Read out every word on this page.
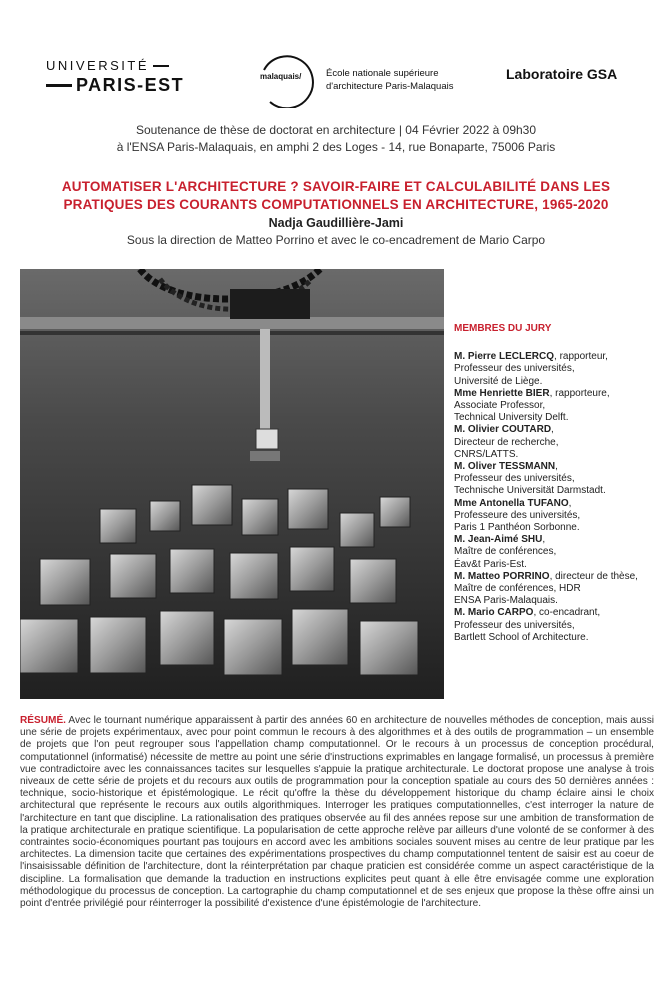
UNIVERSITÉ
PARIS-EST	malaquais/	École nationale supérieure
d'architecture Paris-Malaquais
Laboratoire GSA
Soutenance de thèse de doctorat en architecture | 04 Février 2022 à 09h30
à l'ENSA Paris-Malaquais, en amphi 2 des Loges - 14, rue Bonaparte, 75006 Paris
AUTOMATISER L'ARCHITECTURE ? SAVOIR-FAIRE ET CALCULABILITÉ DANS LES
PRATIQUES DES COURANTS COMPUTATIONNELS EN ARCHITECTURE, 1965-2020
Nadja Gaudillière-Jami
Sous la direction de Matteo Porrino et avec le co-encadrement de Mario Carpo
MEMBRES DU JURY
M. Pierre LECLERCQ, rapporteur,
Professeur des universités,
Université de Liège.
Mme Henriette BIER, rapporteure,
Associate Professor,
Technical University Delft.
M. Olivier COUTARD,
Directeur de recherche,
CNRS/LATTS.
M. Oliver TESSMANN,
Professeur des universités,
Technische Universität Darmstadt.
Mme Antonella TUFANO,
Professeure des universités,
Paris 1 Panthéon Sorbonne.
M. Jean-Aimé SHU,
Maître de conférences,
Éav&t Paris-Est.
M. Matteo PORRINO, directeur de thèse,
Maître de conférences, HDR
ENSA Paris-Malaquais.
M. Mario CARPO, co-encadrant,
Professeur des universités,
Bartlett School of Architecture.
RÉSUMÉ. Avec le tournant numérique apparaissent à partir des années 60 en architecture de nouvelles méthodes de conception, mais aussi une série de projets expérimentaux, avec pour point commun le recours à des algorithmes et à des outils de programmation – un ensemble de projets que l'on peut regrouper sous l'appellation champ computationnel. Or le recours à un processus de conception procédural, computationnel (informatisé) nécessite de mettre au point une série d'instructions exprimables en langage formalisé, un processus à première vue contradictoire avec les connaissances tacites sur lesquelles s'appuie la pratique architecturale. Le doctorat propose une analyse à trois niveaux de cette série de projets et du recours aux outils de programmation pour la conception spatiale au cours des 50 dernières années : technique, socio-historique et épistémologique. Le récit qu'offre la thèse du développement historique du champ éclaire ainsi le choix architectural que représente le recours aux outils algorithmiques. Interroger les pratiques computationnelles, c'est interroger la nature de l'architecture en tant que discipline. La rationalisation des pratiques observée au fil des années repose sur une ambition de transformation de la pratique architecturale en pratique scientifique. La popularisation de cette approche relève par ailleurs d'une volonté de se conformer à des contraintes socio-économiques pourtant pas toujours en accord avec les ambitions sociales souvent mises au centre de leur pratique par les architectes. La dimension tacite que certaines des expérimentations prospectives du champ computationnel tentent de saisir est au coeur de l'insaisissable définition de l'architecture, dont la réinterprétation par chaque praticien est considérée comme un aspect caractéristique de la discipline. La formalisation que demande la traduction en instructions explicites peut quant à elle être envisagée comme une exploration méthodologique du processus de conception. La cartographie du champ computationnel et de ses enjeux que propose la thèse offre ainsi un point d'entrée privilégié pour réinterroger la possibilité d'existence d'une épistémologie de l'architecture.
